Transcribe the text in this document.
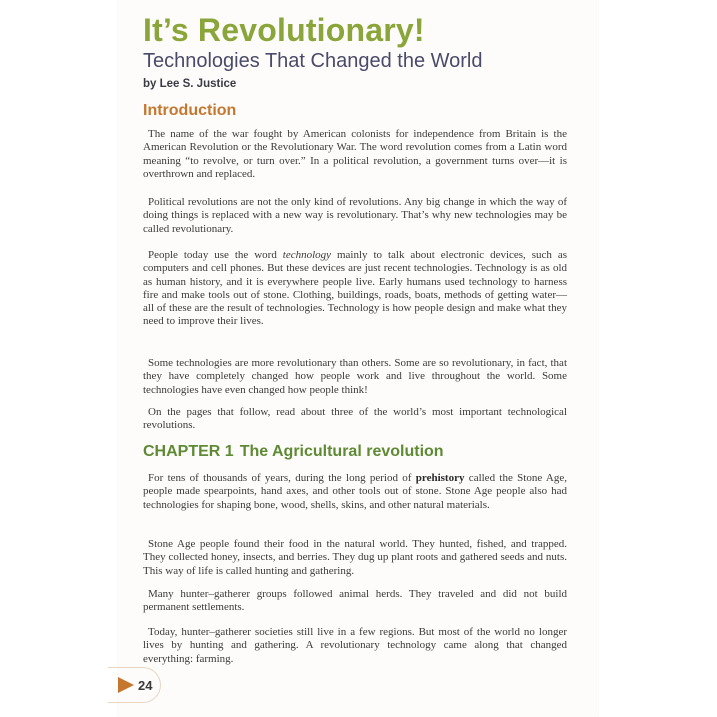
It’s Revolutionary!
Technologies That Changed the World
by Lee S. Justice
Introduction

The name of the war fought by American colonists for independence from Britain is the American Revolution or the Revolutionary War. The word revolution comes from a Latin word meaning “to revolve, or turn over.” In a political revolution, a government turns over—it is overthrown and replaced.

Political revolutions are not the only kind of revolutions. Any big change in which the way of doing things is replaced with a new way is revolutionary. That’s why new technologies may be called revolutionary.

People today use the word technology mainly to talk about electronic devices, such as computers and cell phones. But these devices are just recent technologies. Technology is as old as human history, and it is everywhere people live. Early humans used technology to harness fire and make tools out of stone. Clothing, buildings, roads, boats, methods of getting water—all of these are the result of technologies. Technology is how people design and make what they need to improve their lives.

Some technologies are more revolutionary than others. Some are so revolutionary, in fact, that they have completely changed how people work and live throughout the world. Some technologies have even changed how people think!

On the pages that follow, read about three of the world’s most important technological revolutions.

CHAPTER 1 The Agricultural revolution

For tens of thousands of years, during the long period of prehistory called the Stone Age, people made spearpoints, hand axes, and other tools out of stone. Stone Age people also had technologies for shaping bone, wood, shells, skins, and other natural materials.

Stone Age people found their food in the natural world. They hunted, fished, and trapped. They collected honey, insects, and berries. They dug up plant roots and gathered seeds and nuts. This way of life is called hunting and gathering.

Many hunter–gatherer groups followed animal herds. They traveled and did not build permanent settlements.

Today, hunter–gatherer societies still live in a few regions. But most of the world no longer lives by hunting and gathering. A revolutionary technology came along that changed everything: farming.

24
